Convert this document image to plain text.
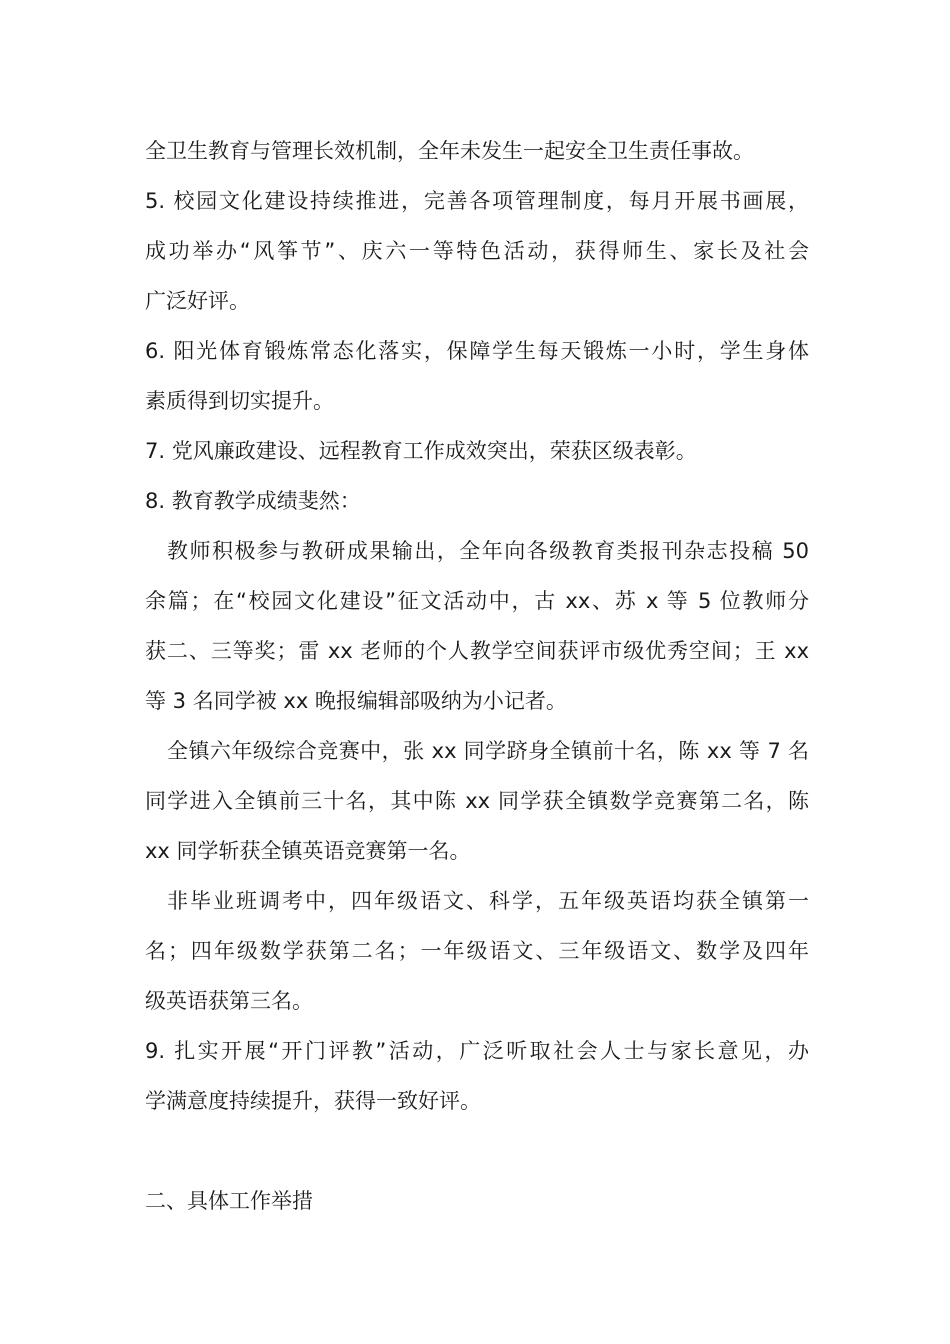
全卫生教育与管理长效机制，全年未发生一起安全卫生责任事故。
5. 校园文化建设持续推进，完善各项管理制度，每月开展书画展，
成功举办“风筝节”、庆六一等特色活动，获得师生、家长及社会
广泛好评。
6. 阳光体育锻炼常态化落实，保障学生每天锻炼一小时，学生身体
素质得到切实提升。
7. 党风廉政建设、远程教育工作成效突出，荣获区级表彰。
8. 教育教学成绩斐然：
教师积极参与教研成果输出，全年向各级教育类报刊杂志投稿 50
余篇；在“校园文化建设”征文活动中，古 xx、苏 x 等 5 位教师分
获二、三等奖；雷 xx 老师的个人教学空间获评市级优秀空间；王 xx
等 3 名同学被 xx 晚报编辑部吸纳为小记者。
全镇六年级综合竞赛中，张 xx 同学跻身全镇前十名，陈 xx 等 7 名
同学进入全镇前三十名，其中陈 xx 同学获全镇数学竞赛第二名，陈
xx 同学斩获全镇英语竞赛第一名。
非毕业班调考中，四年级语文、科学，五年级英语均获全镇第一
名；四年级数学获第二名；一年级语文、三年级语文、数学及四年
级英语获第三名。
9. 扎实开展“开门评教”活动，广泛听取社会人士与家长意见，办
学满意度持续提升，获得一致好评。
二、具体工作举措
